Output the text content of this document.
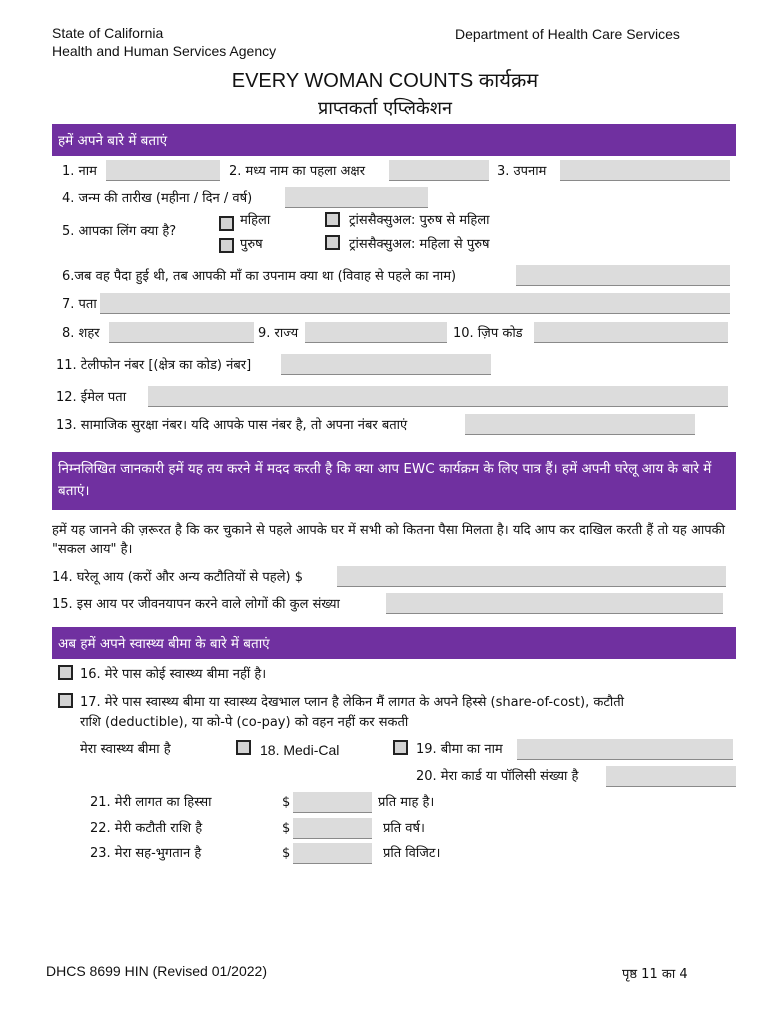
State of California
Health and Human Services Agency
Department of Health Care Services
EVERY WOMAN COUNTS कार्यक्रम
प्राप्तकर्ता एप्लिकेशन
हमें अपने बारे में बताएं
1. नाम	2. मध्य नाम का पहला अक्षर	3. उपनाम
4. जन्म की तारीख (महीना / दिन / वर्ष)
5. आपका लिंग क्या है?
महिला
पुरुष
ट्रांससैक्सुअल: पुरुष से महिला
ट्रांससैक्सुअल: महिला से पुरुष
6.जब वह पैदा हुई थी, तब आपकी माँ का उपनाम क्या था (विवाह से पहले का नाम)
7. पता
8. शहर	9. राज्य	10. ज़िप कोड
11. टेलीफोन नंबर [(क्षेत्र का कोड) नंबर]
12. ईमेल पता
13. सामाजिक सुरक्षा नंबर। यदि आपके पास नंबर है, तो अपना नंबर बताएं
निम्नलिखित जानकारी हमें यह तय करने में मदद करती है कि क्या आप EWC कार्यक्रम के लिए पात्र हैं। हमें अपनी घरेलू आय के बारे में बताएं।
हमें यह जानने की ज़रूरत है कि कर चुकाने से पहले आपके घर में सभी को कितना पैसा मिलता है। यदि आप कर दाखिल करती हैं तो यह आपकी "सकल आय" है।
14. घरेलू आय (करों और अन्य कटौतियों से पहले) $
15. इस आय पर जीवनयापन करने वाले लोगों की कुल संख्या
अब हमें अपने स्वास्थ्य बीमा के बारे में बताएं
16. मेरे पास कोई स्वास्थ्य बीमा नहीं है।
17. मेरे पास स्वास्थ्य बीमा या स्वास्थ्य देखभाल प्लान है लेकिन मैं लागत के अपने हिस्से (share-of-cost), कटौती
राशि (deductible), या को-पे (co-pay) को वहन नहीं कर सकती
मेरा स्वास्थ्य बीमा है	18. Medi-Cal	19. बीमा का नाम
20. मेरा कार्ड या पॉलिसी संख्या है
21. मेरी लागत का हिस्सा	$	प्रति माह है।
22. मेरी कटौती राशि है	$	प्रति वर्ष।
23. मेरा सह-भुगतान है	$	प्रति विजिट।
DHCS 8699 HIN (Revised 01/2022)	पृष्ठ 11 का 4
